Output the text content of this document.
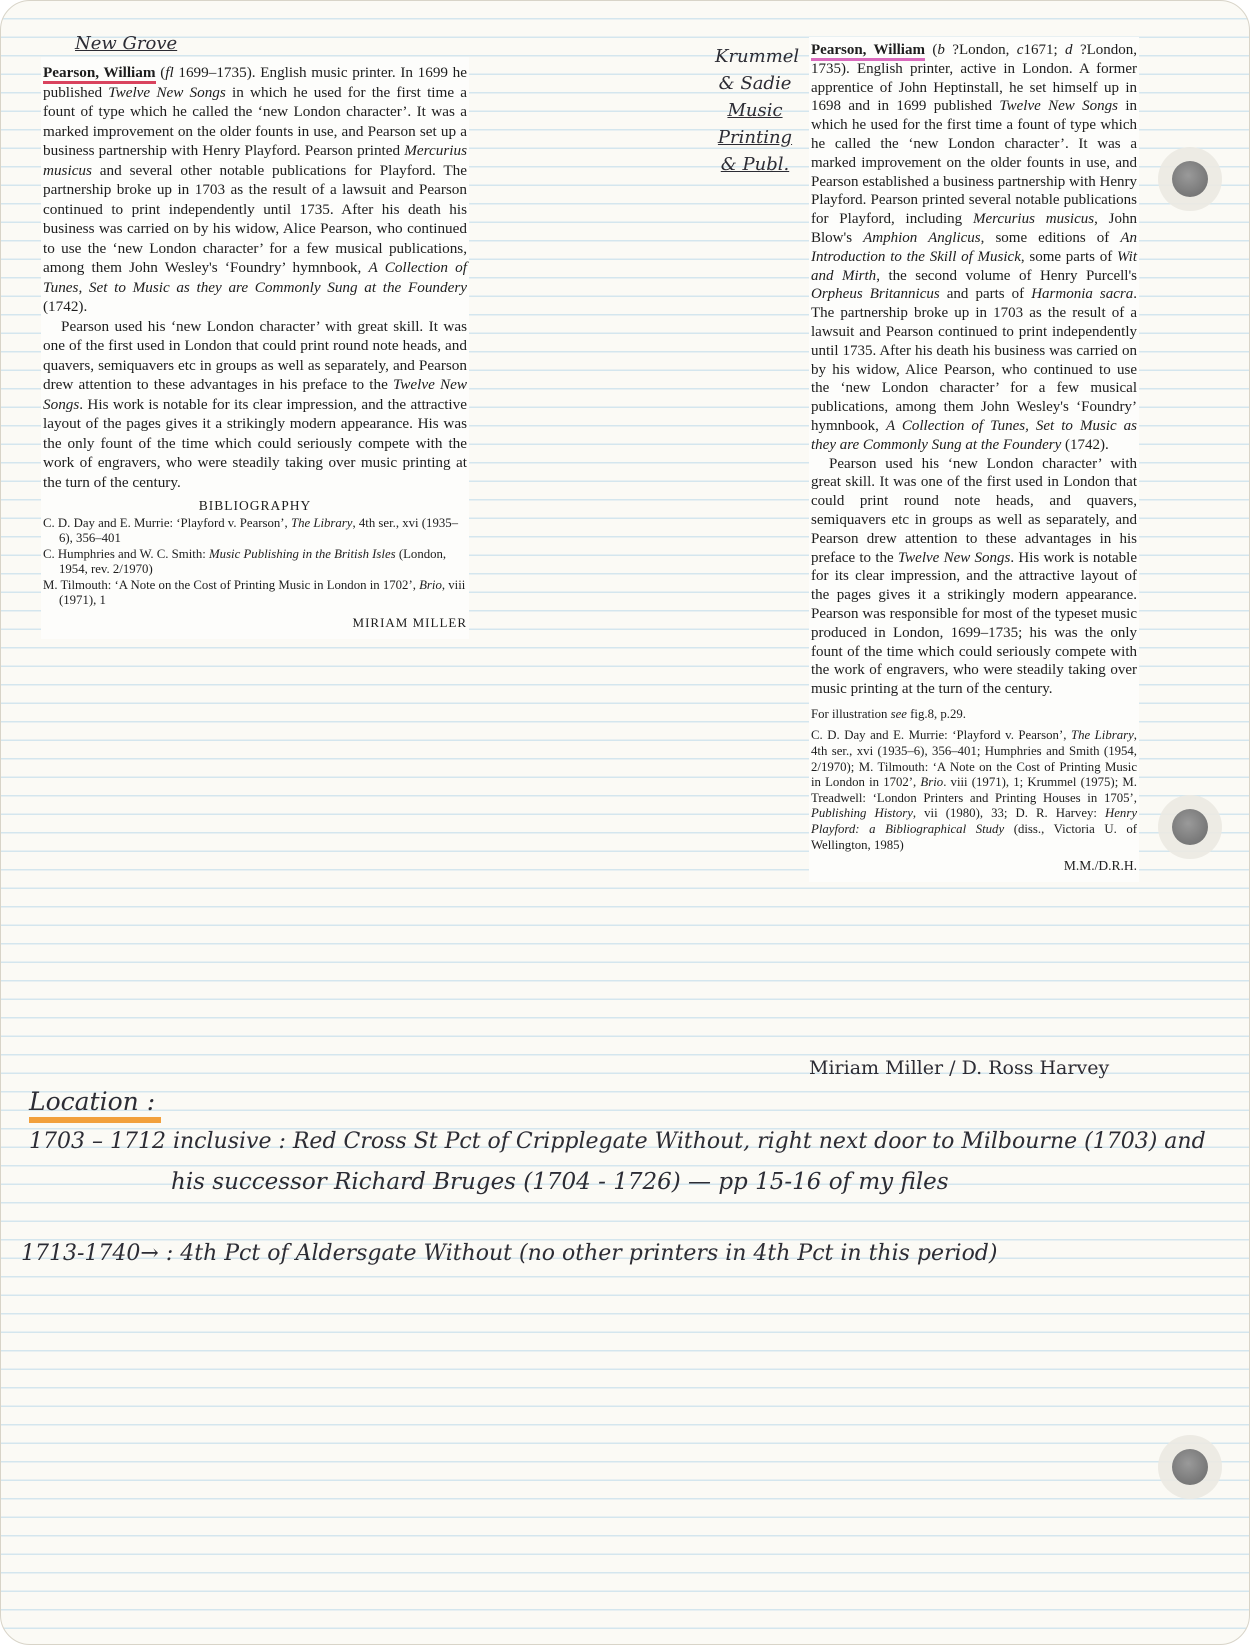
New Grove

Pearson, William (fl 1699–1735). English music printer. In 1699 he published Twelve New Songs in which he used for the first time a fount of type which he called the ‘new London character’. It was a marked improvement on the older founts in use, and Pearson set up a business partnership with Henry Playford. Pearson printed Mercurius musicus and several other notable publications for Playford. The partnership broke up in 1703 as the result of a lawsuit and Pearson continued to print independently until 1735. After his death his business was carried on by his widow, Alice Pearson, who continued to use the ‘new London character’ for a few musical publications, among them John Wesley's ‘Foundry’ hymnbook, A Collection of Tunes, Set to Music as they are Commonly Sung at the Foundery (1742).

Pearson used his ‘new London character’ with great skill. It was one of the first used in London that could print round note heads, and quavers, semiquavers etc in groups as well as separately, and Pearson drew attention to these advantages in his preface to the Twelve New Songs. His work is notable for its clear impression, and the attractive layout of the pages gives it a strikingly modern appearance. His was the only fount of the time which could seriously compete with the work of engravers, who were steadily taking over music printing at the turn of the century.

BIBLIOGRAPHY

C. D. Day and E. Murrie: ‘Playford v. Pearson’, The Library, 4th ser., xvi (1935–6), 356–401

C. Humphries and W. C. Smith: Music Publishing in the British Isles (London, 1954, rev. 2/1970)

M. Tilmouth: ‘A Note on the Cost of Printing Music in London in 1702’, Brio, viii (1971), 1

MIRIAM MILLER

Krummel

& Sadie

Music

Printing

& Publ.

Pearson, William (b ?London, c1671; d ?London, 1735). English printer, active in London. A former apprentice of John Heptinstall, he set himself up in 1698 and in 1699 published Twelve New Songs in which he used for the first time a fount of type which he called the ‘new London character’. It was a marked improvement on the older founts in use, and Pearson established a business partnership with Henry Playford. Pearson printed several notable publications for Playford, including Mercurius musicus, John Blow's Amphion Anglicus, some editions of An Introduction to the Skill of Musick, some parts of Wit and Mirth, the second volume of Henry Purcell's Orpheus Britannicus and parts of Harmonia sacra. The partnership broke up in 1703 as the result of a lawsuit and Pearson continued to print independently until 1735. After his death his business was carried on by his widow, Alice Pearson, who continued to use the ‘new London character’ for a few musical publications, among them John Wesley's ‘Foundry’ hymnbook, A Collection of Tunes, Set to Music as they are Commonly Sung at the Foundery (1742).

Pearson used his ‘new London character’ with great skill. It was one of the first used in London that could print round note heads, and quavers, semiquavers etc in groups as well as separately, and Pearson drew attention to these advantages in his preface to the Twelve New Songs. His work is notable for its clear impression, and the attractive layout of the pages gives it a strikingly modern appearance. Pearson was responsible for most of the typeset music produced in London, 1699–1735; his was the only fount of the time which could seriously compete with the work of engravers, who were steadily taking over music printing at the turn of the century.

For illustration see fig.8, p.29.
C. D. Day and E. Murrie: ‘Playford v. Pearson’, The Library, 4th ser., xvi (1935–6), 356–401; Humphries and Smith (1954, 2/1970); M. Tilmouth: ‘A Note on the Cost of Printing Music in London in 1702’, Brio. viii (1971), 1; Krummel (1975); M. Treadwell: ‘London Printers and Printing Houses in 1705’, Publishing History, vii (1980), 33; D. R. Harvey: Henry Playford: a Bibliographical Study (diss., Victoria U. of Wellington, 1985)
M.M./D.R.H.
Miriam Miller / D. Ross Harvey
Location :
1703 – 1712 inclusive : Red Cross St Pct of Cripplegate Without, right next door to Milbourne (1703) and
his successor Richard Bruges (1704 - 1726) — pp 15-16 of my files
1713-1740→ : 4th Pct of Aldersgate Without (no other printers in 4th Pct in this period)
